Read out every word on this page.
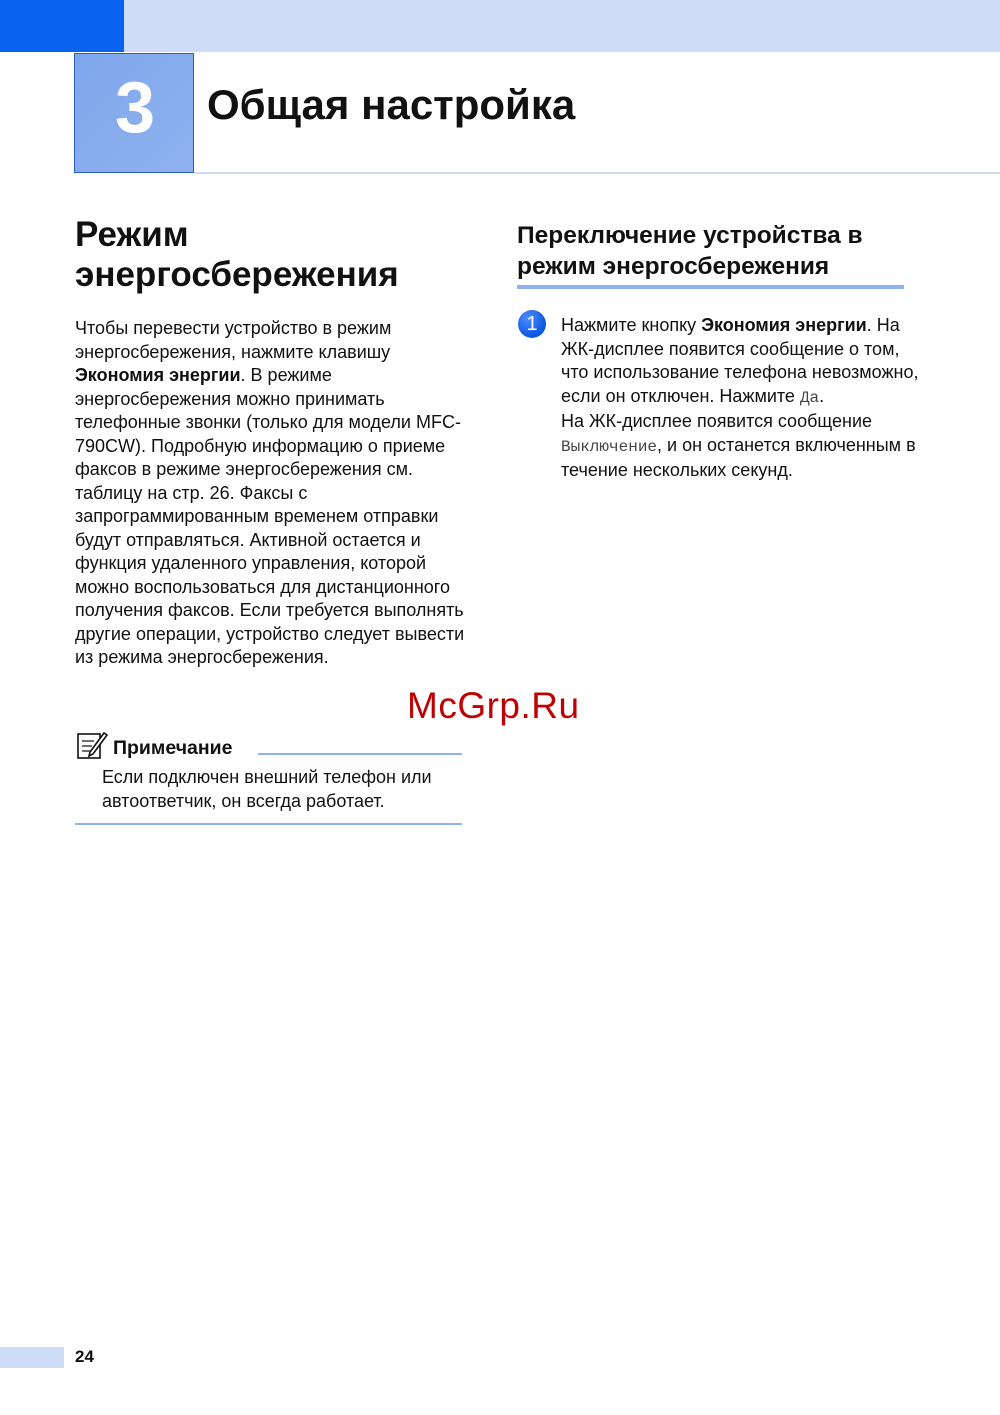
3	Общая настройка
Режим энергосбережения
Чтобы перевести устройство в режим энергосбережения, нажмите клавишу Экономия энергии. В режиме энергосбережения можно принимать телефонные звонки (только для модели MFC-790CW). Подробную информацию о приеме факсов в режиме энергосбережения см. таблицу на стр. 26. Факсы с запрограммированным временем отправки будут отправляться. Активной остается и функция удаленного управления, которой можно воспользоваться для дистанционного получения факсов. Если требуется выполнять другие операции, устройство следует вывести из режима энергосбережения.
Примечание
Если подключен внешний телефон или автоответчик, он всегда работает.
Переключение устройства в режим энергосбережения
1	Нажмите кнопку Экономия энергии. На ЖК-дисплее появится сообщение о том, что использование телефона невозможно, если он отключен. Нажмите Да.
На ЖК-дисплее появится сообщение Выключение, и он останется включенным в течение нескольких секунд.
McGrp.Ru
24
